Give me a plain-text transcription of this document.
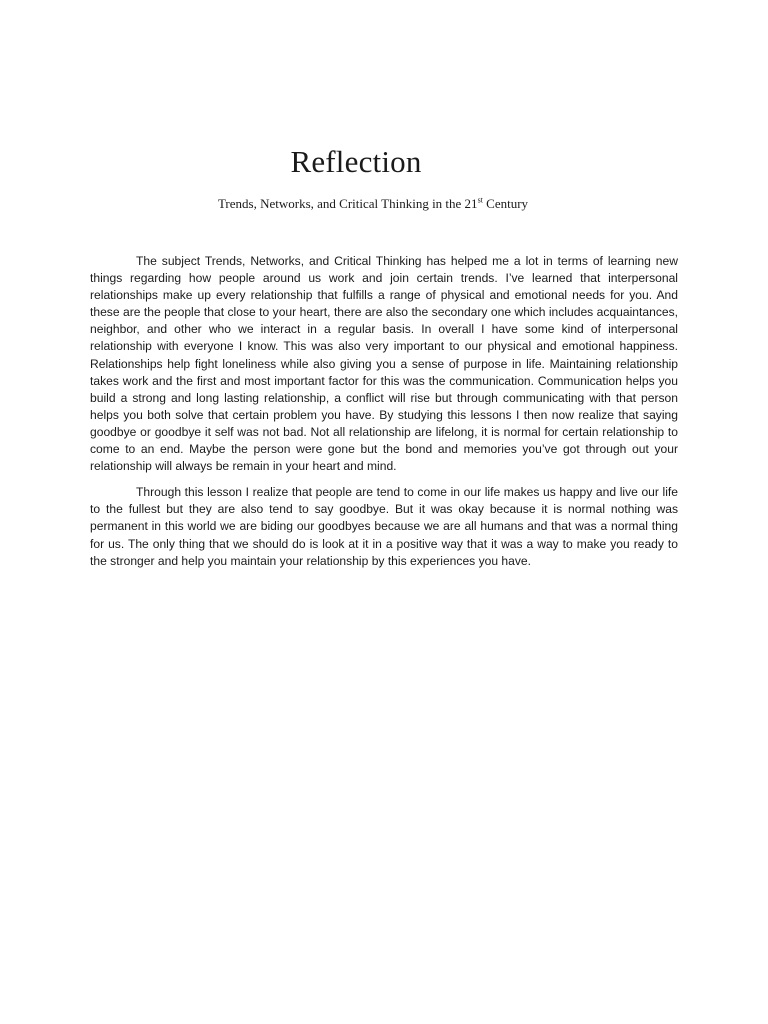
Reflection

Trends, Networks, and Critical Thinking in the 21st Century

The subject Trends, Networks, and Critical Thinking has helped me a lot in terms of learning new things regarding how people around us work and join certain trends. I’ve learned that interpersonal relationships make up every relationship that fulfills a range of physical and emotional needs for you. And these are the people that close to your heart, there are also the secondary one which includes acquaintances, neighbor, and other who we interact in a regular basis. In overall I have some kind of interpersonal relationship with everyone I know. This was also very important to our physical and emotional happiness. Relationships help fight loneliness while also giving you a sense of purpose in life. Maintaining relationship takes work and the first and most important factor for this was the communication. Communication helps you build a strong and long lasting relationship, a conflict will rise but through communicating with that person helps you both solve that certain problem you have. By studying this lessons I then now realize that saying goodbye or goodbye it self was not bad. Not all relationship are lifelong, it is normal for certain relationship to come to an end. Maybe the person were gone but the bond and memories you’ve got through out your relationship will always be remain in your heart and mind.

Through this lesson I realize that people are tend to come in our life makes us happy and live our life to the fullest but they are also tend to say goodbye. But it was okay because it is normal nothing was permanent in this world we are biding our goodbyes because we are all humans and that was a normal thing for us. The only thing that we should do is look at it in a positive way that it was a way to make you ready to the stronger and help you maintain your relationship by this experiences you have.
